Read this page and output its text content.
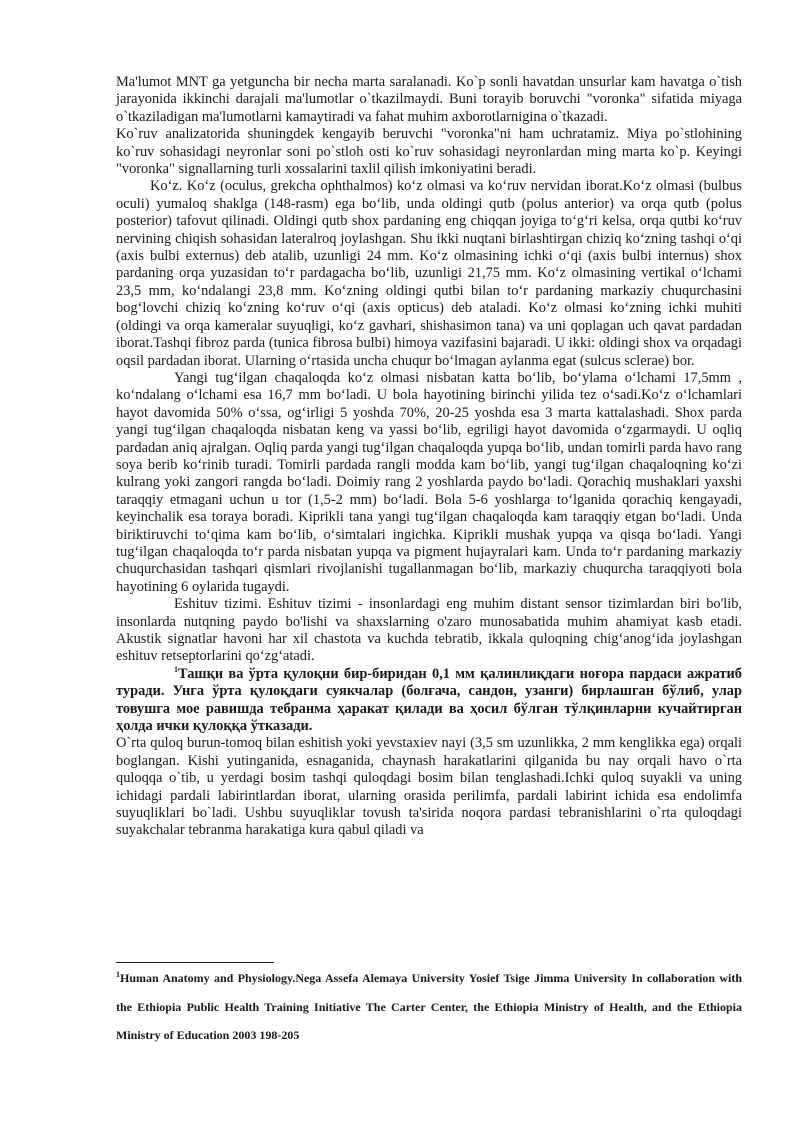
Ma'lumot MNT ga yetguncha bir necha marta saralanadi. Ko`p sonli havatdan unsurlar kam havatga o`tish jarayonida ikkinchi darajali ma'lumotlar o`tkazilmaydi. Buni torayib boruvchi "voronka" sifatida miyaga o`tkaziladigan ma'lumotlarni kamaytiradi va fahat muhim axborotlarnigina o`tkazadi.

Ko`ruv analizatorida shuningdek kengayib beruvchi "voronka"ni ham uchratamiz. Miya po`stlohining ko`ruv sohasidagi neyronlar soni po`stloh osti ko`ruv sohasidagi neyronlardan ming marta ko`p. Keyingi "voronka" signallarning turli xossalarini taxlil qilish imkoniyatini beradi.

Ko‘z. Ko‘z (oculus, grekcha ophthalmos) ko‘z olmasi va ko‘ruv nervidan iborat.Ko‘z olmasi (bulbus oculi) yumaloq shaklga (148-rasm) ega bo‘lib, unda oldingi qutb (polus anterior) va orqa qutb (polus posterior) tafovut qilinadi. Oldingi qutb shox pardaning eng chiqqan joyiga to‘g‘ri kelsa, orqa qutbi ko‘ruv nervining chiqish sohasidan lateralroq joylashgan. Shu ikki nuqtani birlashtirgan chiziq ko‘zning tashqi o‘qi (axis bulbi externus) deb atalib, uzunligi 24 mm. Ko‘z olmasining ichki o‘qi (axis bulbi internus) shox pardaning orqa yuzasidan to‘r pardagacha bo‘lib, uzunligi 21,75 mm. Ko‘z olmasining vertikal o‘lchami 23,5 mm, ko‘ndalangi 23,8 mm. Ko‘zning oldingi qutbi bilan to‘r pardaning markaziy chuqurchasini bog‘lovchi chiziq ko‘zning ko‘ruv o‘qi (axis opticus) deb ataladi. Ko‘z olmasi ko‘zning ichki muhiti (oldingi va orqa kameralar suyuqligi, ko‘z gavhari, shishasimon tana) va uni qoplagan uch qavat pardadan iborat.Tashqi fibroz parda (tunica fibrosa bulbi) himoya vazifasini bajaradi. U ikki: oldingi shox va orqadagi oqsil pardadan iborat. Ularning o‘rtasida uncha chuqur bo‘lmagan aylanma egat (sulcus sclerae) bor.

Yangi tug‘ilgan chaqaloqda ko‘z olmasi nisbatan katta bo‘lib, bo‘ylama o‘lchami 17,5mm , ko‘ndalang o‘lchami esa 16,7 mm bo‘ladi. U bola hayotining birinchi yilida tez o‘sadi.Ko‘z o‘lchamlari hayot davomida 50% o‘ssa, og‘irligi 5 yoshda 70%, 20-25 yoshda esa 3 marta kattalashadi. Shox parda yangi tug‘ilgan chaqaloqda nisbatan keng va yassi bo‘lib, egriligi hayot davomida o‘zgarmaydi. U oqliq pardadan aniq ajralgan. Oqliq parda yangi tug‘ilgan chaqaloqda yupqa bo‘lib, undan tomirli parda havo rang soya berib ko‘rinib turadi. Tomirli pardada rangli modda kam bo‘lib, yangi tug‘ilgan chaqaloqning ko‘zi kulrang yoki zangori rangda bo‘ladi. Doimiy rang 2 yoshlarda paydo bo‘ladi. Qorachiq mushaklari yaxshi taraqqiy etmagani uchun u tor (1,5-2 mm) bo‘ladi. Bola 5-6 yoshlarga to‘lganida qorachiq kengayadi, keyinchalik esa toraya boradi. Kiprikli tana yangi tug‘ilgan chaqaloqda kam taraqqiy etgan bo‘ladi. Unda biriktiruvchi to‘qima kam bo‘lib, o‘simtalari ingichka. Kiprikli mushak yupqa va qisqa bo‘ladi. Yangi tug‘ilgan chaqaloqda to‘r parda nisbatan yupqa va pigment hujayralari kam. Unda to‘r pardaning markaziy chuqurchasidan tashqari qismlari rivojlanishi tugallanmagan bo‘lib, markaziy chuqurcha taraqqiyoti bola hayotining 6 oylarida tugaydi.

Eshituv tizimi. Eshituv tizimi - insonlardagi eng muhim distant sensor tizimlardan biri bo'lib, insonlarda nutqning paydo bo'lishi va shaxslarning o'zaro munosabatida muhim ahamiyat kasb etadi. Akustik signatlar havoni har xil chastota va kuchda tebratib, ikkala quloqning chig‘anog‘ida joylashgan eshituv retseptorlarini qo‘zg‘atadi.

$^1$Ташқи ва ўрта қулоқни бир-биридан 0,1 мм қалинлиқдаги ноғора пардаси ажратиб туради. Унга ўрта қулоқдаги суякчалар (болғача, сандон, узанги) бирлашган бўлиб, улар товушга мое равишда тебранма ҳаракат қилади ва ҳосил бўлган тўлқинларни кучайтирган ҳолда ички қулоққа ўтказади.

O`rta quloq burun-tomoq bilan eshitish yoki yevstaxiev nayi (3,5 sm uzunlikka, 2 mm kenglikka ega) orqali boglangan. Kishi yutinganida, esnaganida, chaynash harakatlarini qilganida bu nay orqali havo o`rta quloqqa o`tib, u yerdagi bosim tashqi quloqdagi bosim bilan tenglashadi.Ichki quloq suyakli va uning ichidagi pardali labirintlardan iborat, ularning orasida perilimfa, pardali labirint ichida esa endolimfa suyuqliklari bo`ladi. Ushbu suyuqliklar tovush ta'sirida noqora pardasi tebranishlarini o`rta quloqdagi suyakchalar tebranma harakatiga kura qabul qiladi va

$^1$Human Anatomy and Physiology.Nega Assefa Alemaya University Yosief Tsige Jimma University In collaboration with the Ethiopia Public Health Training Initiative The Carter Center, the Ethiopia Ministry of Health, and the Ethiopia Ministry of Education 2003 198-205
